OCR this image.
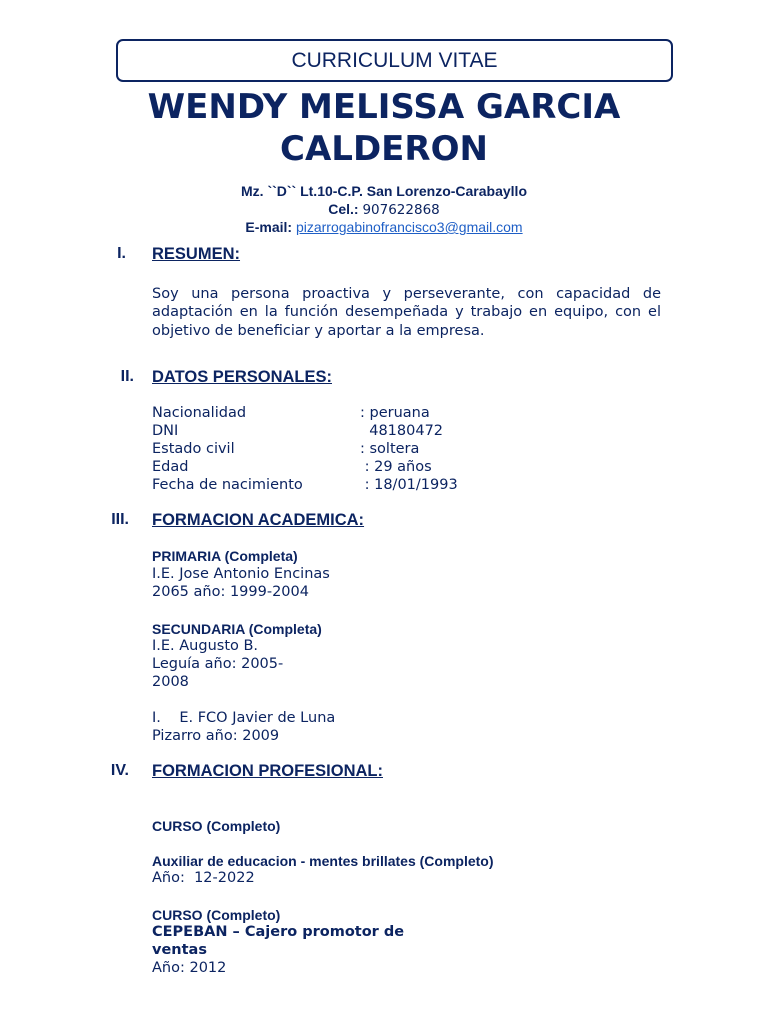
CURRICULUM VITAE
WENDY MELISSA GARCIA
CALDERON
Mz. ``D`` Lt.10-C.P. San Lorenzo-Carabayllo
Cel.: 907622868
E-mail: pizarrogabinofrancisco3@gmail.com
I. RESUMEN:
Soy una persona proactiva y perseverante, con capacidad de adaptación en la función desempeñada y trabajo en equipo, con el objetivo de beneficiar y aportar a la empresa.
II. DATOS PERSONALES:
Nacionalidad	: peruana
DNI	48180472
Estado civil	: soltera
Edad	: 29 años
Fecha de nacimiento	: 18/01/1993
III. FORMACION ACADEMICA:
PRIMARIA (Completa)
I.E. Jose Antonio Encinas
2065 año: 1999-2004
SECUNDARIA (Completa)
I.E. Augusto B.
Leguía año: 2005-
2008
I.    E. FCO Javier de Luna
Pizarro año: 2009
IV. FORMACION PROFESIONAL:
CURSO (Completo)
Auxiliar de educacion - mentes brillates (Completo)
Año:  12-2022
CURSO (Completo)
CEPEBAN – Cajero promotor de
ventas
Año: 2012
